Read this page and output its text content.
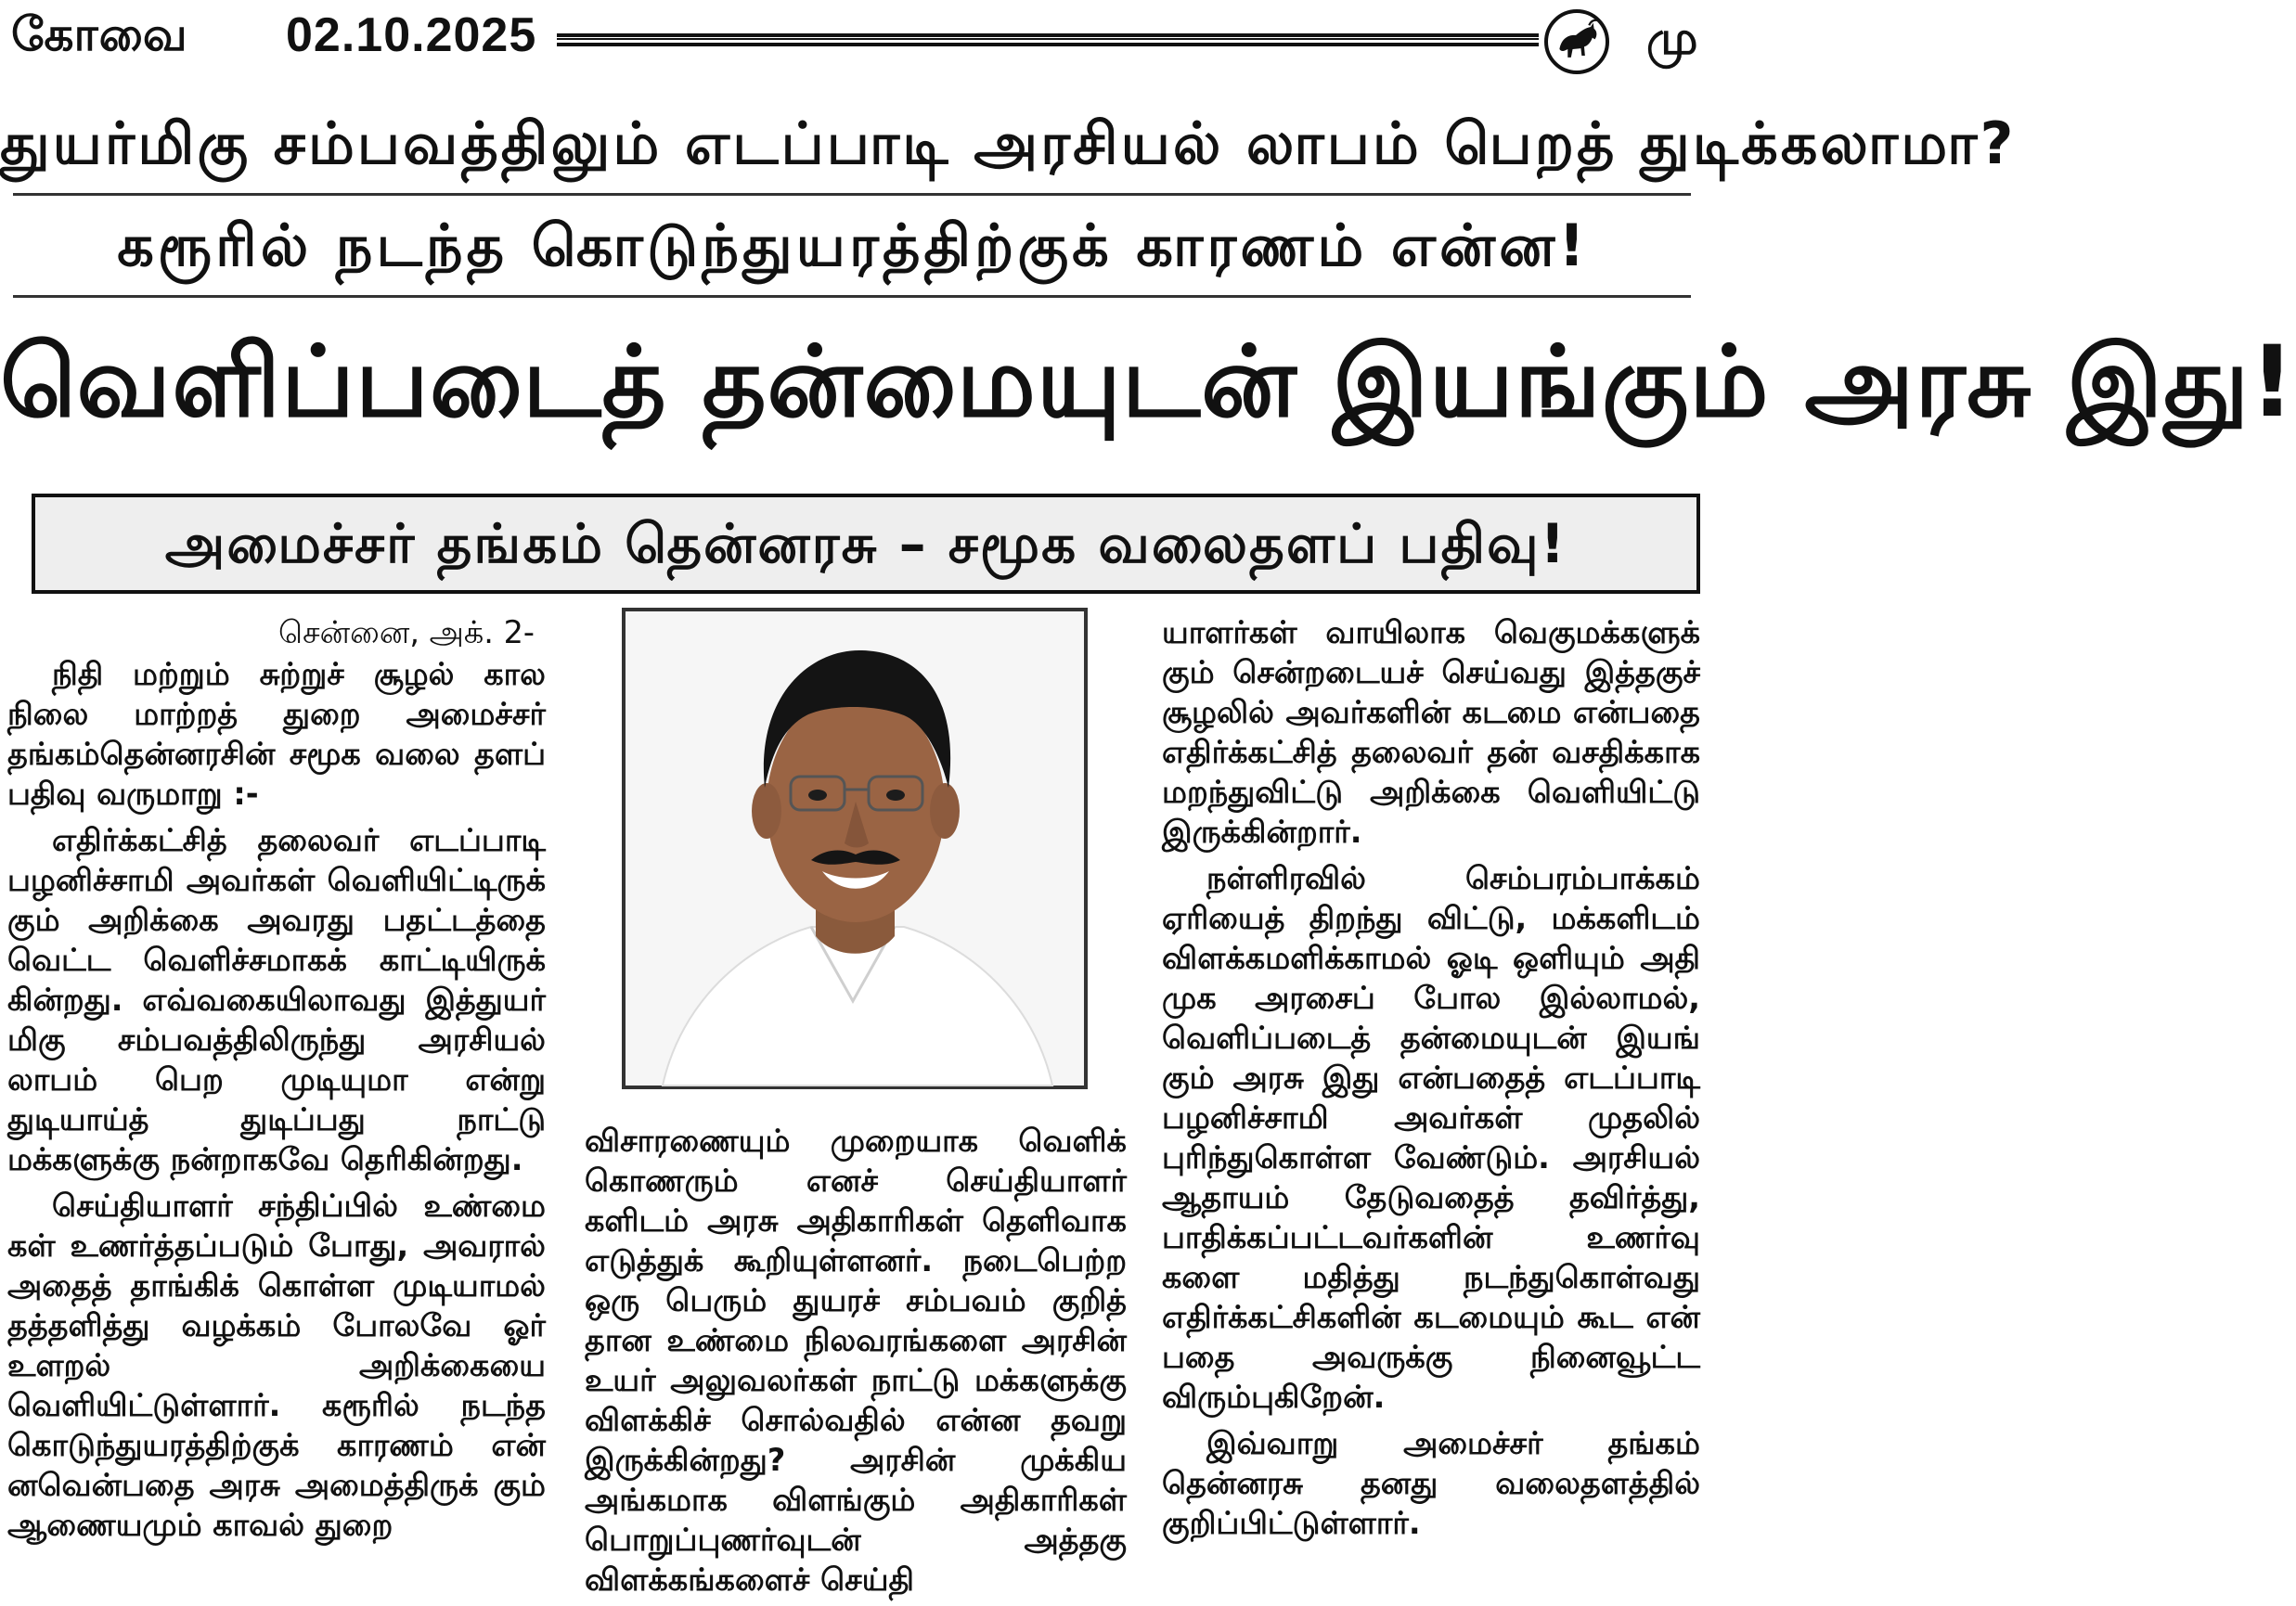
கோவை 02.10.2025	மு
துயர்மிகு சம்பவத்திலும் எடப்பாடி அரசியல் லாபம் பெறத் துடிக்கலாமா?
கரூரில் நடந்த கொடுந்துயரத்திற்குக் காரணம் என்ன!
வெளிப்படைத் தன்மையுடன் இயங்கும் அரசு இது!
அமைச்சர் தங்கம் தென்னரசு – சமூக வலைதளப் பதிவு!

சென்னை, அக். 2-

நிதி மற்றும் சுற்றுச் சூழல் கால நிலை மாற்றத் துறை அமைச்சர் தங்கம்தென்னரசின் சமூக வலை தளப் பதிவு வருமாறு :-

எதிர்க்கட்சித் தலைவர் எடப்பாடி பழனிச்சாமி அவர்கள் வெளியிட்டிருக் கும் அறிக்கை அவரது பதட்டத்தை வெட்ட வெளிச்சமாகக் காட்டியிருக் கின்றது. எவ்வகையிலாவது இத்துயர் மிகு சம்பவத்திலிருந்து அரசியல் லாபம் பெற முடியுமா என்று துடியாய்த் துடிப்பது நாட்டு மக்களுக்கு நன்றாகவே தெரிகின்றது.

செய்தியாளர் சந்திப்பில் உண்மை கள் உணர்த்தப்படும் போது, அவரால் அதைத் தாங்கிக் கொள்ள முடியாமல் தத்தளித்து வழக்கம் போலவே ஓர் உளறல் அறிக்கையை வெளியிட்டுள்ளார். கரூரில் நடந்த கொடுந்துயரத்திற்குக் காரணம் என் னவென்பதை அரசு அமைத்திருக் கும் ஆணையமும் காவல் துறை

விசாரணையும் முறையாக வெளிக் கொணரும் எனச் செய்தியாளர் களிடம் அரசு அதிகாரிகள் தெளிவாக எடுத்துக் கூறியுள்ளனர். நடைபெற்ற ஒரு பெரும் துயரச் சம்பவம் குறித் தான உண்மை நிலவரங்களை அரசின் உயர் அலுவலர்கள் நாட்டு மக்களுக்கு விளக்கிச் சொல்வதில் என்ன தவறு இருக்கின்றது? அரசின் முக்கிய அங்கமாக விளங்கும் அதிகாரிகள் பொறுப்புணர்வுடன் அத்தகு விளக்கங்களைச் செய்தி

யாளர்கள் வாயிலாக வெகுமக்களுக் கும் சென்றடையச் செய்வது இத்தகுச் சூழலில் அவர்களின் கடமை என்பதை எதிர்க்கட்சித் தலைவர் தன் வசதிக்காக மறந்துவிட்டு அறிக்கை வெளியிட்டு இருக்கின்றார்.

நள்ளிரவில் செம்பரம்பாக்கம் ஏரியைத் திறந்து விட்டு, மக்களிடம் விளக்கமளிக்காமல் ஓடி ஒளியும் அதி முக அரசைப் போல இல்லாமல், வெளிப்படைத் தன்மையுடன் இயங் கும் அரசு இது என்பதைத் எடப்பாடி பழனிச்சாமி அவர்கள் முதலில் புரிந்துகொள்ள வேண்டும். அரசியல் ஆதாயம் தேடுவதைத் தவிர்த்து, பாதிக்கப்பட்டவர்களின் உணர்வு களை மதித்து நடந்துகொள்வது எதிர்க்கட்சிகளின் கடமையும் கூட என் பதை அவருக்கு நினைவூட்ட விரும்புகிறேன்.

இவ்வாறு அமைச்சர் தங்கம் தென்னரசு தனது வலைதளத்தில் குறிப்பிட்டுள்ளார்.
